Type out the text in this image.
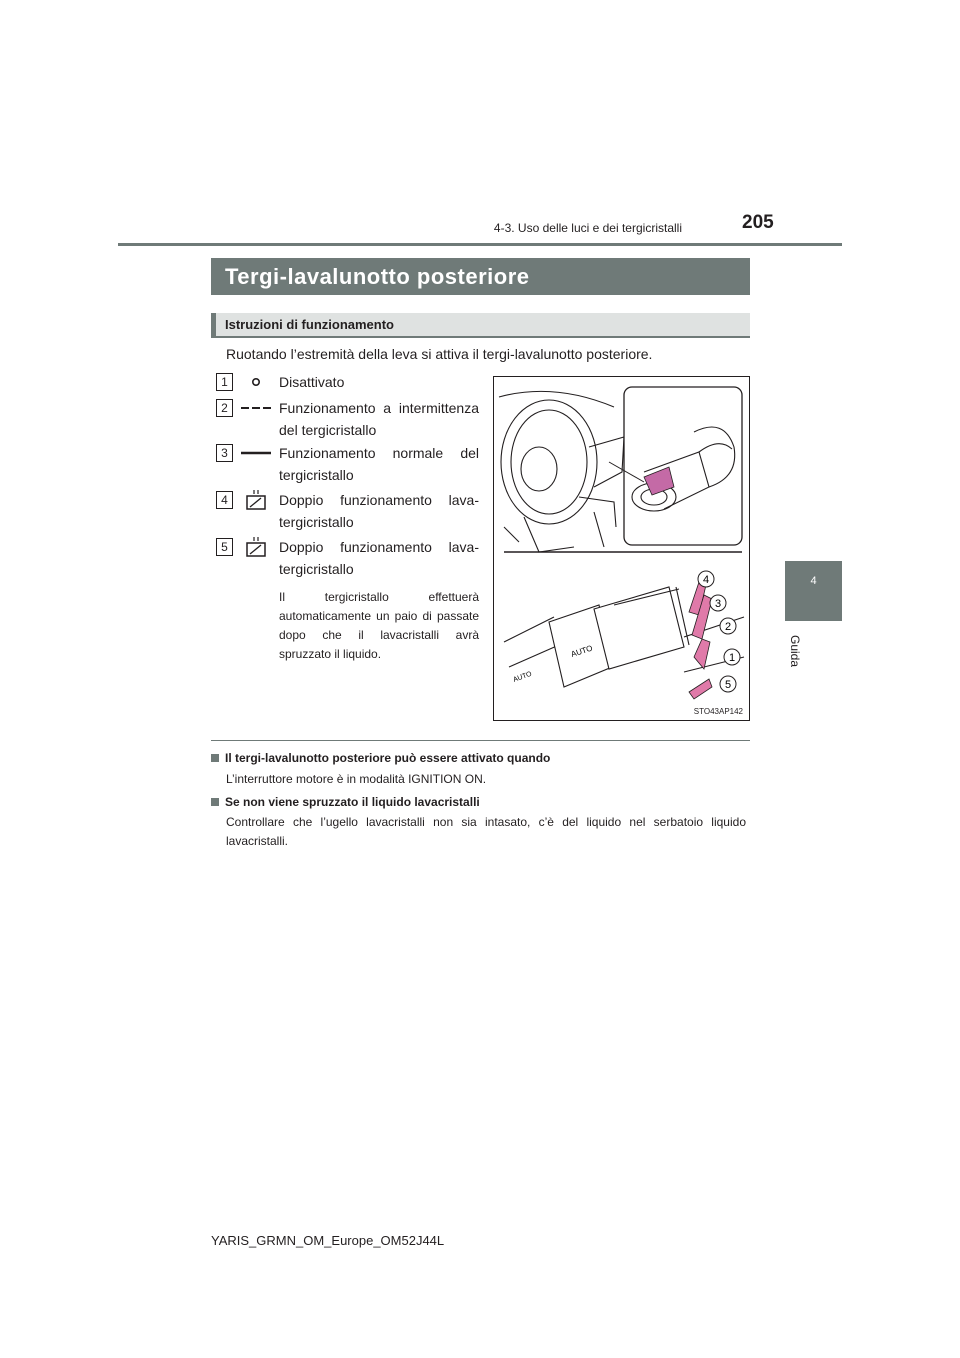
4-3. Uso delle luci e dei tergicristalli	205
4
Guida
Tergi-lavalunotto posteriore
Istruzioni di funzionamento
Ruotando l’estremità della leva si attiva il tergi-lavalunotto posteriore.
1	Disattivato
2	Funzionamento a intermittenza del tergicristallo
3	Funzionamento normale del tergicristallo
4	Doppio funzionamento lava-tergicristallo
5	Doppio funzionamento lava-tergicristallo
Il tergicristallo effettuerà automaticamente un paio di passate dopo che il lavacristalli avrà spruzzato il liquido.
4
3
2
1
5
AUTO
AUTO
STO43AP142
Il tergi-lavalunotto posteriore può essere attivato quando
L’interruttore motore è in modalità IGNITION ON.
Se non viene spruzzato il liquido lavacristalli
Controllare che l’ugello lavacristalli non sia intasato, c’è del liquido nel serbatoio liquido lavacristalli.
YARIS_GRMN_OM_Europe_OM52J44L
